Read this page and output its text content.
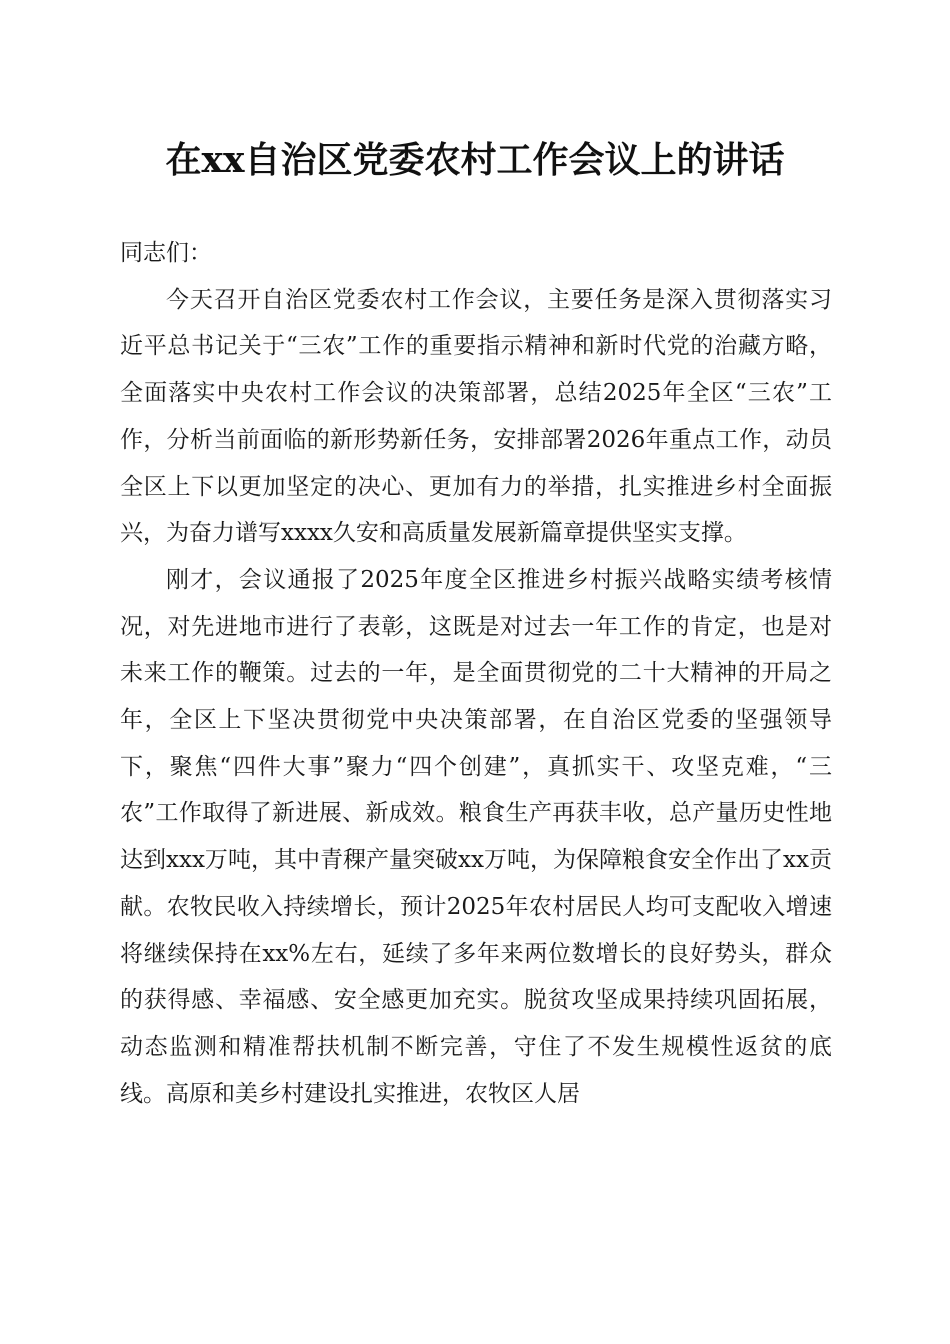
在xx自治区党委农村工作会议上的讲话

同志们：

今天召开自治区党委农村工作会议，主要任务是深入贯彻落实习近平总书记关于“三农”工作的重要指示精神和新时代党的治藏方略，全面落实中央农村工作会议的决策部署，总结2025年全区“三农”工作，分析当前面临的新形势新任务，安排部署2026年重点工作，动员全区上下以更加坚定的决心、更加有力的举措，扎实推进乡村全面振兴，为奋力谱写xxxx久安和高质量发展新篇章提供坚实支撑。

刚才，会议通报了2025年度全区推进乡村振兴战略实绩考核情况，对先进地市进行了表彰，这既是对过去一年工作的肯定，也是对未来工作的鞭策。过去的一年，是全面贯彻党的二十大精神的开局之年，全区上下坚决贯彻党中央决策部署，在自治区党委的坚强领导下，聚焦“四件大事”聚力“四个创建”，真抓实干、攻坚克难，“三农”工作取得了新进展、新成效。粮食生产再获丰收，总产量历史性地达到xxx万吨，其中青稞产量突破xx万吨，为保障粮食安全作出了xx贡献。农牧民收入持续增长，预计2025年农村居民人均可支配收入增速将继续保持在xx%左右，延续了多年来两位数增长的良好势头，群众的获得感、幸福感、安全感更加充实。脱贫攻坚成果持续巩固拓展，动态监测和精准帮扶机制不断完善，守住了不发生规模性返贫的底线。高原和美乡村建设扎实推进，农牧区人居
